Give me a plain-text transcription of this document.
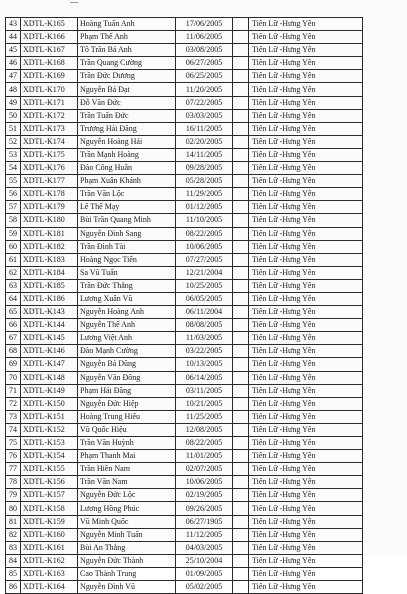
43	XDTL-K165	Hoàng Tuấn Anh	17/06/2005		Tiên Lữ -Hưng Yên
44	XDTL-K166	Phạm Thế Anh	11/06/2005		Tiên Lữ -Hưng Yên
45	XDTL-K167	Tô Trần Bá Anh	03/08/2005		Tiên Lữ -Hưng Yên
46	XDTL-K168	Trần Quang Cường	06/27/2005		Tiên Lữ -Hưng Yên
47	XDTL-K169	Trần Đức Dương	06/25/2005		Tiên Lữ -Hưng Yên
48	XDTL-K170	Nguyễn Bá Đạt	11/20/2005		Tiên Lữ -Hưng Yên
49	XDTL-K171	Đỗ Văn Đức	07/22/2005		Tiên Lữ -Hưng Yên
50	XDTL-K172	Trần Tuấn Đức	03/03/2005		Tiên Lữ -Hưng Yên
51	XDTL-K173	Trương Hải Đăng	16/11/2005		Tiên Lữ -Hưng Yên
52	XDTL-K174	Nguyễn Hoàng Hải	02/20/2005		Tiên Lữ -Hưng Yên
53	XDTL-K175	Trần Mạnh Hoàng	14/11/2005		Tiên Lữ -Hưng Yên
54	XDTL-K176	Đào Công Huân	09/28/2005		Tiên Lữ -Hưng Yên
55	XDTL-K177	Phạm Xuân Khánh	05/28/2005		Tiên Lữ -Hưng Yên
56	XDTL-K178	Trần Văn Lộc	11/29/2005		Tiên Lữ -Hưng Yên
57	XDTL-K179	Lê Thế Mạy	01/12/2005		Tiên Lữ -Hưng Yên
58	XDTL-K180	Bùi Trần Quang Minh	11/10/2005		Tiên Lữ -Hưng Yên
59	XDTL-K181	Nguyễn Đình Sang	08/22/2005		Tiên Lữ -Hưng Yên
60	XDTL-K182	Trần Đình Tài	10/06/2005		Tiên Lữ -Hưng Yên
61	XDTL-K183	Hoàng Ngọc Tiến	07/27/2005		Tiên Lữ -Hưng Yên
62	XDTL-K184	Sa Vũ Tuấn	12/21/2004		Tiên Lữ -Hưng Yên
63	XDTL-K185	Trần Đức Thắng	10/25/2005		Tiên Lữ -Hưng Yên
64	XDTL-K186	Lương Xuân Vũ	06/05/2005		Tiên Lữ -Hưng Yên
65	XDTL-K143	Nguyễn Hoàng Anh	06/11/2004		Tiên Lữ -Hưng Yên
66	XDTL-K144	Nguyễn Thế Anh	08/08/2005		Tiên Lữ -Hưng Yên
67	XDTL-K145	Lương Việt Anh	11/03/2005		Tiên Lữ -Hưng Yên
68	XDTL-K146	Đào Mạnh Cường	03/22/2005		Tiên Lữ -Hưng Yên
69	XDTL-K147	Nguyễn Bá Dũng	10/13/2005		Tiên Lữ -Hưng Yên
70	XDTL-K148	Nguyễn Văn Đông	06/14/2005		Tiên Lữ -Hưng Yên
71	XDTL-K149	Phạm Hải Đăng	03/11/2005		Tiên Lữ -Hưng Yên
72	XDTL-K150	Nguyễn Đức Hiệp	10/21/2005		Tiên Lữ -Hưng Yên
73	XDTL-K151	Hoàng Trung Hiếu	11/25/2005		Tiên Lữ -Hưng Yên
74	XDTL-K152	Vũ Quốc Hiệu	12/08/2005		Tiên Lữ -Hưng Yên
75	XDTL-K153	Trần Văn Huỳnh	08/22/2005		Tiên Lữ -Hưng Yên
76	XDTL-K154	Phạm Thanh Mai	11/01/2005		Tiên Lữ -Hưng Yên
77	XDTL-K155	Trần Hiền Nam	02/07/2005		Tiên Lữ -Hưng Yên
78	XDTL-K156	Trần Văn Nam	10/06/2005		Tiên Lữ -Hưng Yên
79	XDTL-K157	Nguyễn Đức Lộc	02/19/2005		Tiên Lữ -Hưng Yên
80	XDTL-K158	Lương Hồng Phúc	09/26/2005		Tiên Lữ -Hưng Yên
81	XDTL-K159	Vũ Minh Quốc	06/27/1905		Tiên Lữ -Hưng Yên
82	XDTL-K160	Nguyễn Minh Tuấn	11/12/2005		Tiên Lữ -Hưng Yên
83	XDTL-K161	Bùi An Thắng	04/03/2005		Tiên Lữ -Hưng Yên
84	XDTL-K162	Nguyễn Đức Thành	25/10/2004		Tiên Lữ -Hưng Yên
85	XDTL-K163	Cao Thành Trung	01/09/2005		Tiên Lữ -Hưng Yên
86	XDTL-K164	Nguyễn Đình Vũ	05/02/2005		Tiên Lữ -Hưng Yên
